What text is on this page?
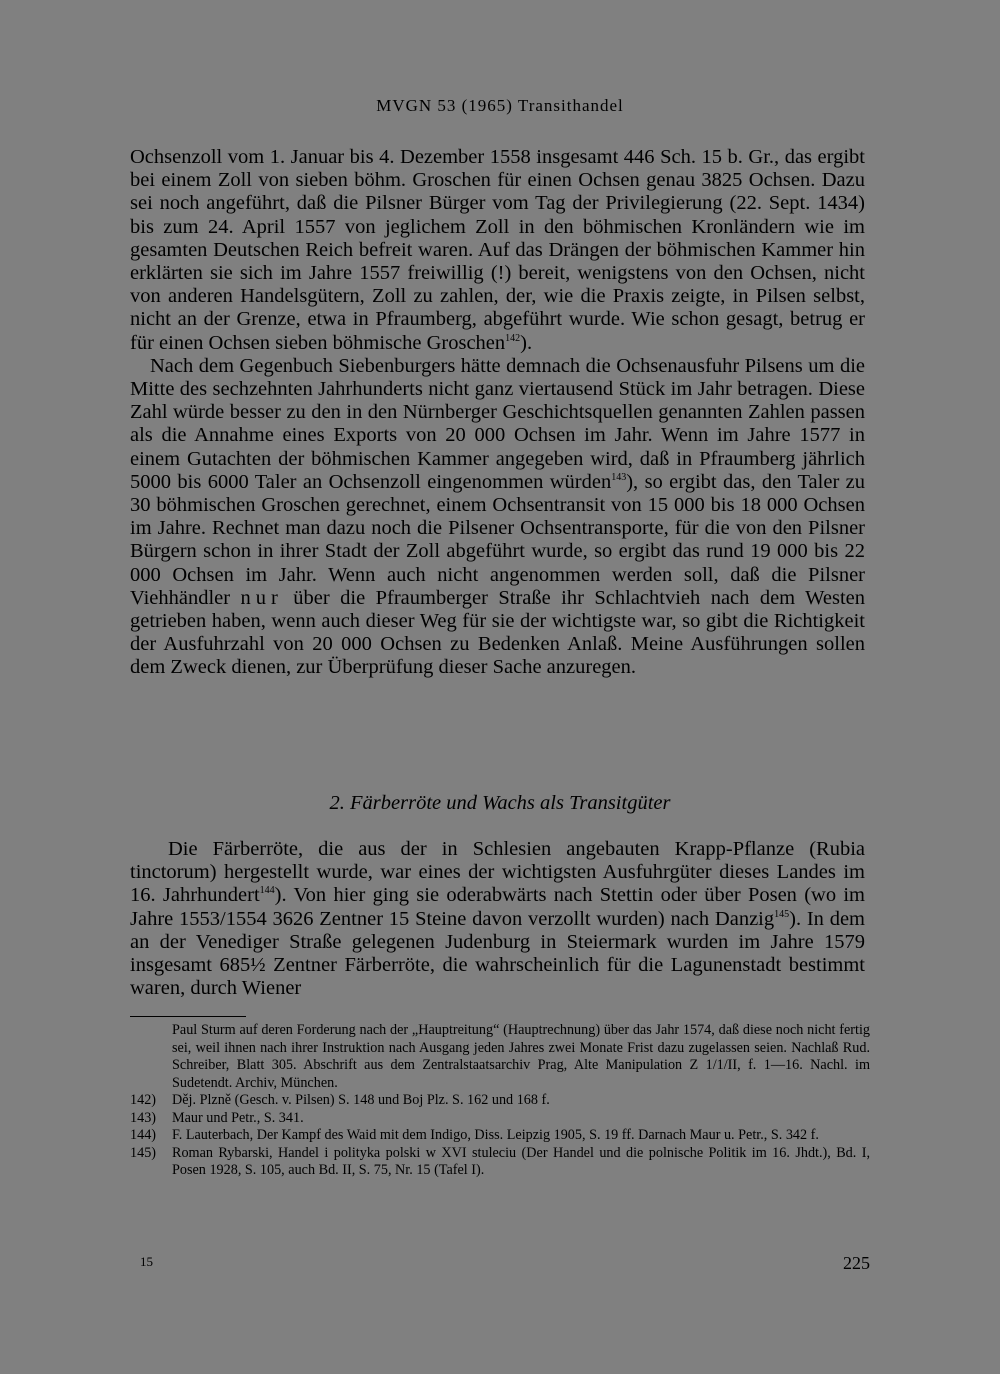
MVGN 53 (1965) Transithandel

Ochsenzoll vom 1. Januar bis 4. Dezember 1558 insgesamt 446 Sch. 15 b. Gr., das ergibt bei einem Zoll von sieben böhm. Groschen für einen Ochsen genau 3825 Ochsen. Dazu sei noch angeführt, daß die Pilsner Bürger vom Tag der Privilegierung (22. Sept. 1434) bis zum 24. April 1557 von jeglichem Zoll in den böhmischen Kronländern wie im gesamten Deutschen Reich befreit waren. Auf das Drängen der böhmischen Kammer hin erklärten sie sich im Jahre 1557 freiwillig (!) bereit, wenigstens von den Ochsen, nicht von anderen Handelsgütern, Zoll zu zahlen, der, wie die Praxis zeigte, in Pilsen selbst, nicht an der Grenze, etwa in Pfraumberg, abgeführt wurde. Wie schon gesagt, betrug er für einen Ochsen sieben böhmische Groschen$^{142}$).

Nach dem Gegenbuch Siebenburgers hätte demnach die Ochsenausfuhr Pilsens um die Mitte des sechzehnten Jahrhunderts nicht ganz viertausend Stück im Jahr betragen. Diese Zahl würde besser zu den in den Nürnberger Geschichtsquellen genannten Zahlen passen als die Annahme eines Exports von 20 000 Ochsen im Jahr. Wenn im Jahre 1577 in einem Gutachten der böhmischen Kammer angegeben wird, daß in Pfraumberg jährlich 5000 bis 6000 Taler an Ochsenzoll eingenommen würden$^{143}$), so ergibt das, den Taler zu 30 böhmischen Groschen gerechnet, einem Ochsentransit von 15 000 bis 18 000 Ochsen im Jahre. Rechnet man dazu noch die Pilsener Ochsentransporte, für die von den Pilsner Bürgern schon in ihrer Stadt der Zoll abgeführt wurde, so ergibt das rund 19 000 bis 22 000 Ochsen im Jahr. Wenn auch nicht angenommen werden soll, daß die Pilsner Viehhändler nur über die Pfraumberger Straße ihr Schlachtvieh nach dem Westen getrieben haben, wenn auch dieser Weg für sie der wichtigste war, so gibt die Richtigkeit der Ausfuhrzahl von 20 000 Ochsen zu Bedenken Anlaß. Meine Ausführungen sollen dem Zweck dienen, zur Überprüfung dieser Sache anzuregen.

2. Färberröte und Wachs als Transitgüter

Die Färberröte, die aus der in Schlesien angebauten Krapp-Pflanze (Rubia tinctorum) hergestellt wurde, war eines der wichtigsten Ausfuhrgüter dieses Landes im 16. Jahrhundert$^{144}$). Von hier ging sie oderabwärts nach Stettin oder über Posen (wo im Jahre 1553/1554 3626 Zentner 15 Steine davon verzollt wurden) nach Danzig$^{145}$). In dem an der Venediger Straße gelegenen Judenburg in Steiermark wurden im Jahre 1579 insgesamt 685½ Zentner Färberröte, die wahrscheinlich für die Lagunenstadt bestimmt waren, durch Wiener

Paul Sturm auf deren Forderung nach der „Hauptreitung“ (Hauptrechnung) über das Jahr 1574, daß diese noch nicht fertig sei, weil ihnen nach ihrer Instruktion nach Ausgang jeden Jahres zwei Monate Frist dazu zugelassen seien. Nachlaß Rud. Schreiber, Blatt 305. Abschrift aus dem Zentralstaatsarchiv Prag, Alte Manipulation Z 1/1/II, f. 1—16. Nachl. im Sudetendt. Archiv, München.
142)	Děj. Plzně (Gesch. v. Pilsen) S. 148 und Boj Plz. S. 162 und 168 f.
143)	Maur und Petr., S. 341.
144)	F. Lauterbach, Der Kampf des Waid mit dem Indigo, Diss. Leipzig 1905, S. 19 ff. Darnach Maur u. Petr., S. 342 f.
145)	Roman Rybarski, Handel i polityka polski w XVI stuleciu (Der Handel und die polnische Politik im 16. Jhdt.), Bd. I, Posen 1928, S. 105, auch Bd. II, S. 75, Nr. 15 (Tafel I).
15	225
